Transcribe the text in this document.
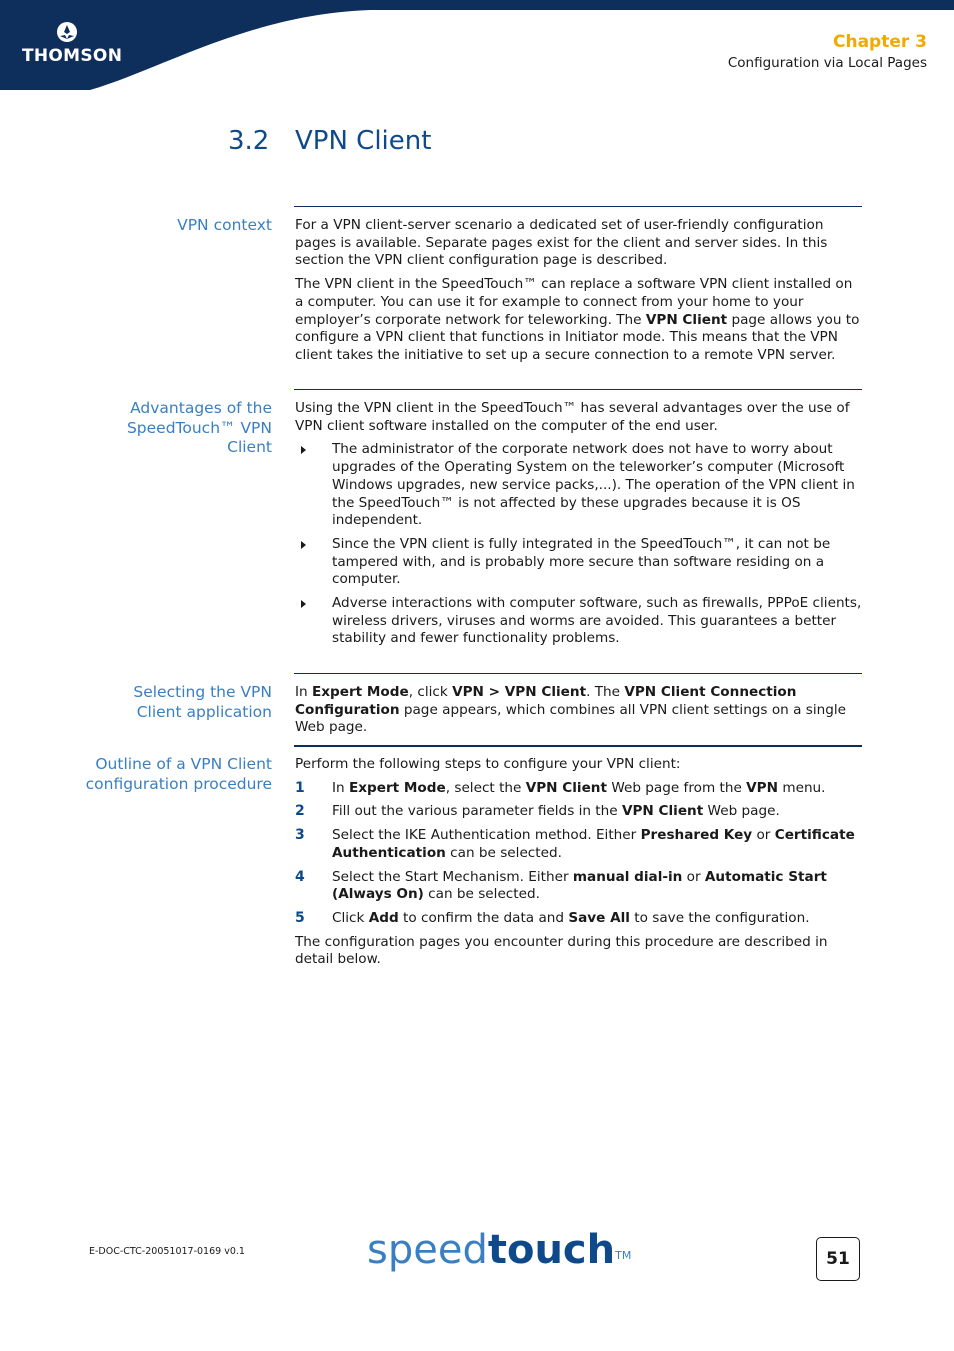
THOMSON
Chapter 3
Configuration via Local Pages
3.2 VPN Client
VPN context For a VPN client-server scenario a dedicated set of user-friendly configuration pages is available. Separate pages exist for the client and server sides. In this section the VPN client configuration page is described.

The VPN client in the SpeedTouch™ can replace a software VPN client installed on a computer. You can use it for example to connect from your home to your employer’s corporate network for teleworking. The VPN Client page allows you to configure a VPN client that functions in Initiator mode. This means that the VPN client takes the initiative to set up a secure connection to a remote VPN server.

Advantages of the
SpeedTouch™ VPN
Client

Using the VPN client in the SpeedTouch™ has several advantages over the use of VPN client software installed on the computer of the end user.

The administrator of the corporate network does not have to worry about upgrades of the Operating System on the teleworker’s computer (Microsoft Windows upgrades, new service packs,...). The operation of the VPN client in the SpeedTouch™ is not affected by these upgrades because it is OS independent.
Since the VPN client is fully integrated in the SpeedTouch™, it can not be tampered with, and is probably more secure than software residing on a computer.
Adverse interactions with computer software, such as firewalls, PPPoE clients, wireless drivers, viruses and worms are avoided. This guarantees a better stability and fewer functionality problems.
Selecting the VPN
Client application

In Expert Mode, click VPN > VPN Client. The VPN Client Connection Configuration page appears, which combines all VPN client settings on a single Web page.

Outline of a VPN Client
configuration procedure

Perform the following steps to configure your VPN client:

1 In Expert Mode, select the VPN Client Web page from the VPN menu.
2 Fill out the various parameter fields in the VPN Client Web page.
3 Select the IKE Authentication method. Either Preshared Key or Certificate Authentication can be selected.
4 Select the Start Mechanism. Either manual dial-in or Automatic Start (Always On) can be selected.
5 Click Add to confirm the data and Save All to save the configuration.

The configuration pages you encounter during this procedure are described in detail below.

E-DOC-CTC-20051017-0169 v0.1	speedtouch™	51
